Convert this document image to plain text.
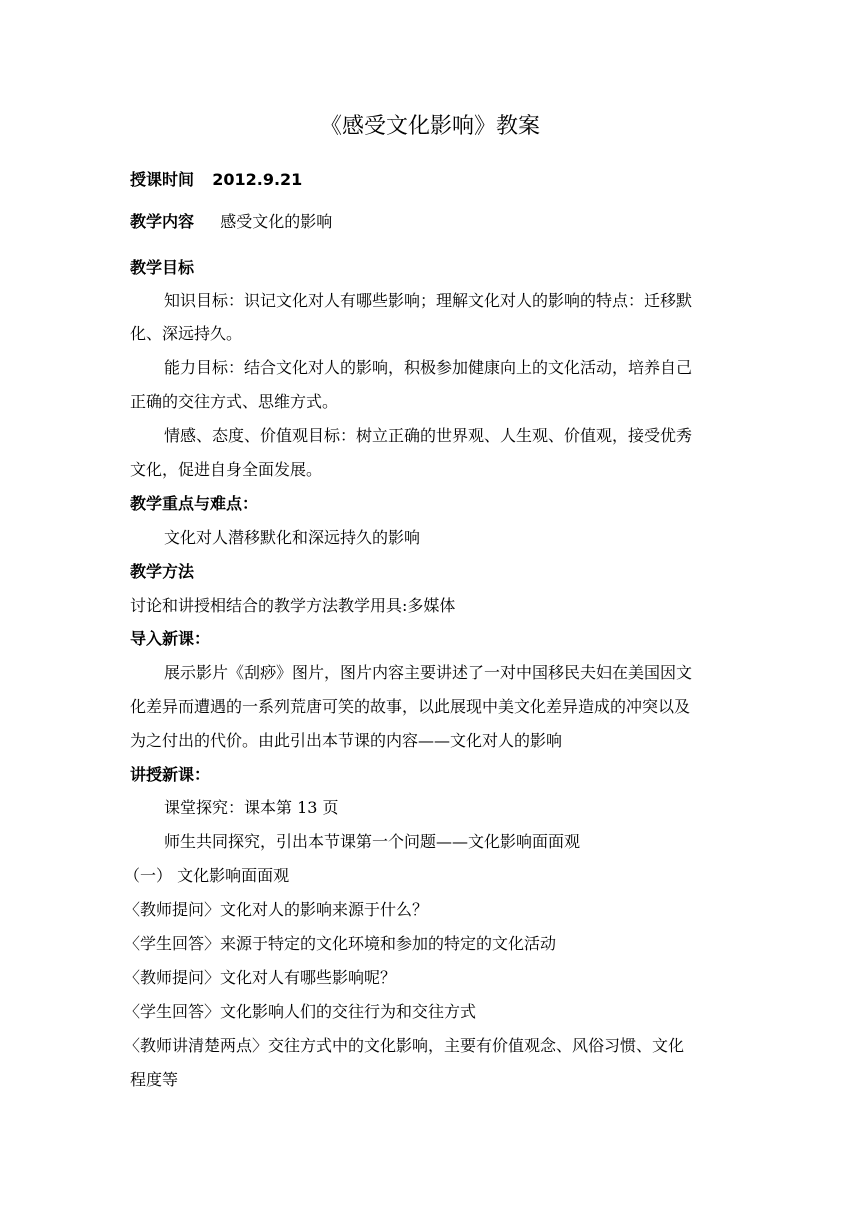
《感受文化影响》教案
授课时间 2012.9.21
教学内容 感受文化的影响
教学目标
知识目标：识记文化对人有哪些影响；理解文化对人的影响的特点：迁移默
化、深远持久。
能力目标：结合文化对人的影响，积极参加健康向上的文化活动，培养自己
正确的交往方式、思维方式。
情感、态度、价值观目标：树立正确的世界观、人生观、价值观，接受优秀
文化，促进自身全面发展。
教学重点与难点：
文化对人潜移默化和深远持久的影响
教学方法
讨论和讲授相结合的教学方法教学用具:多媒体
导入新课：
展示影片《刮痧》图片，图片内容主要讲述了一对中国移民夫妇在美国因文
化差异而遭遇的一系列荒唐可笑的故事，以此展现中美文化差异造成的冲突以及
为之付出的代价。由此引出本节课的内容——文化对人的影响
讲授新课：
课堂探究：课本第 13 页
师生共同探究，引出本节课第一个问题——文化影响面面观
（一） 文化影响面面观
〈教师提问〉文化对人的影响来源于什么？
〈学生回答〉来源于特定的文化环境和参加的特定的文化活动
〈教师提问〉文化对人有哪些影响呢？
〈学生回答〉文化影响人们的交往行为和交往方式
〈教师讲清楚两点〉交往方式中的文化影响，主要有价值观念、风俗习惯、文化
程度等
